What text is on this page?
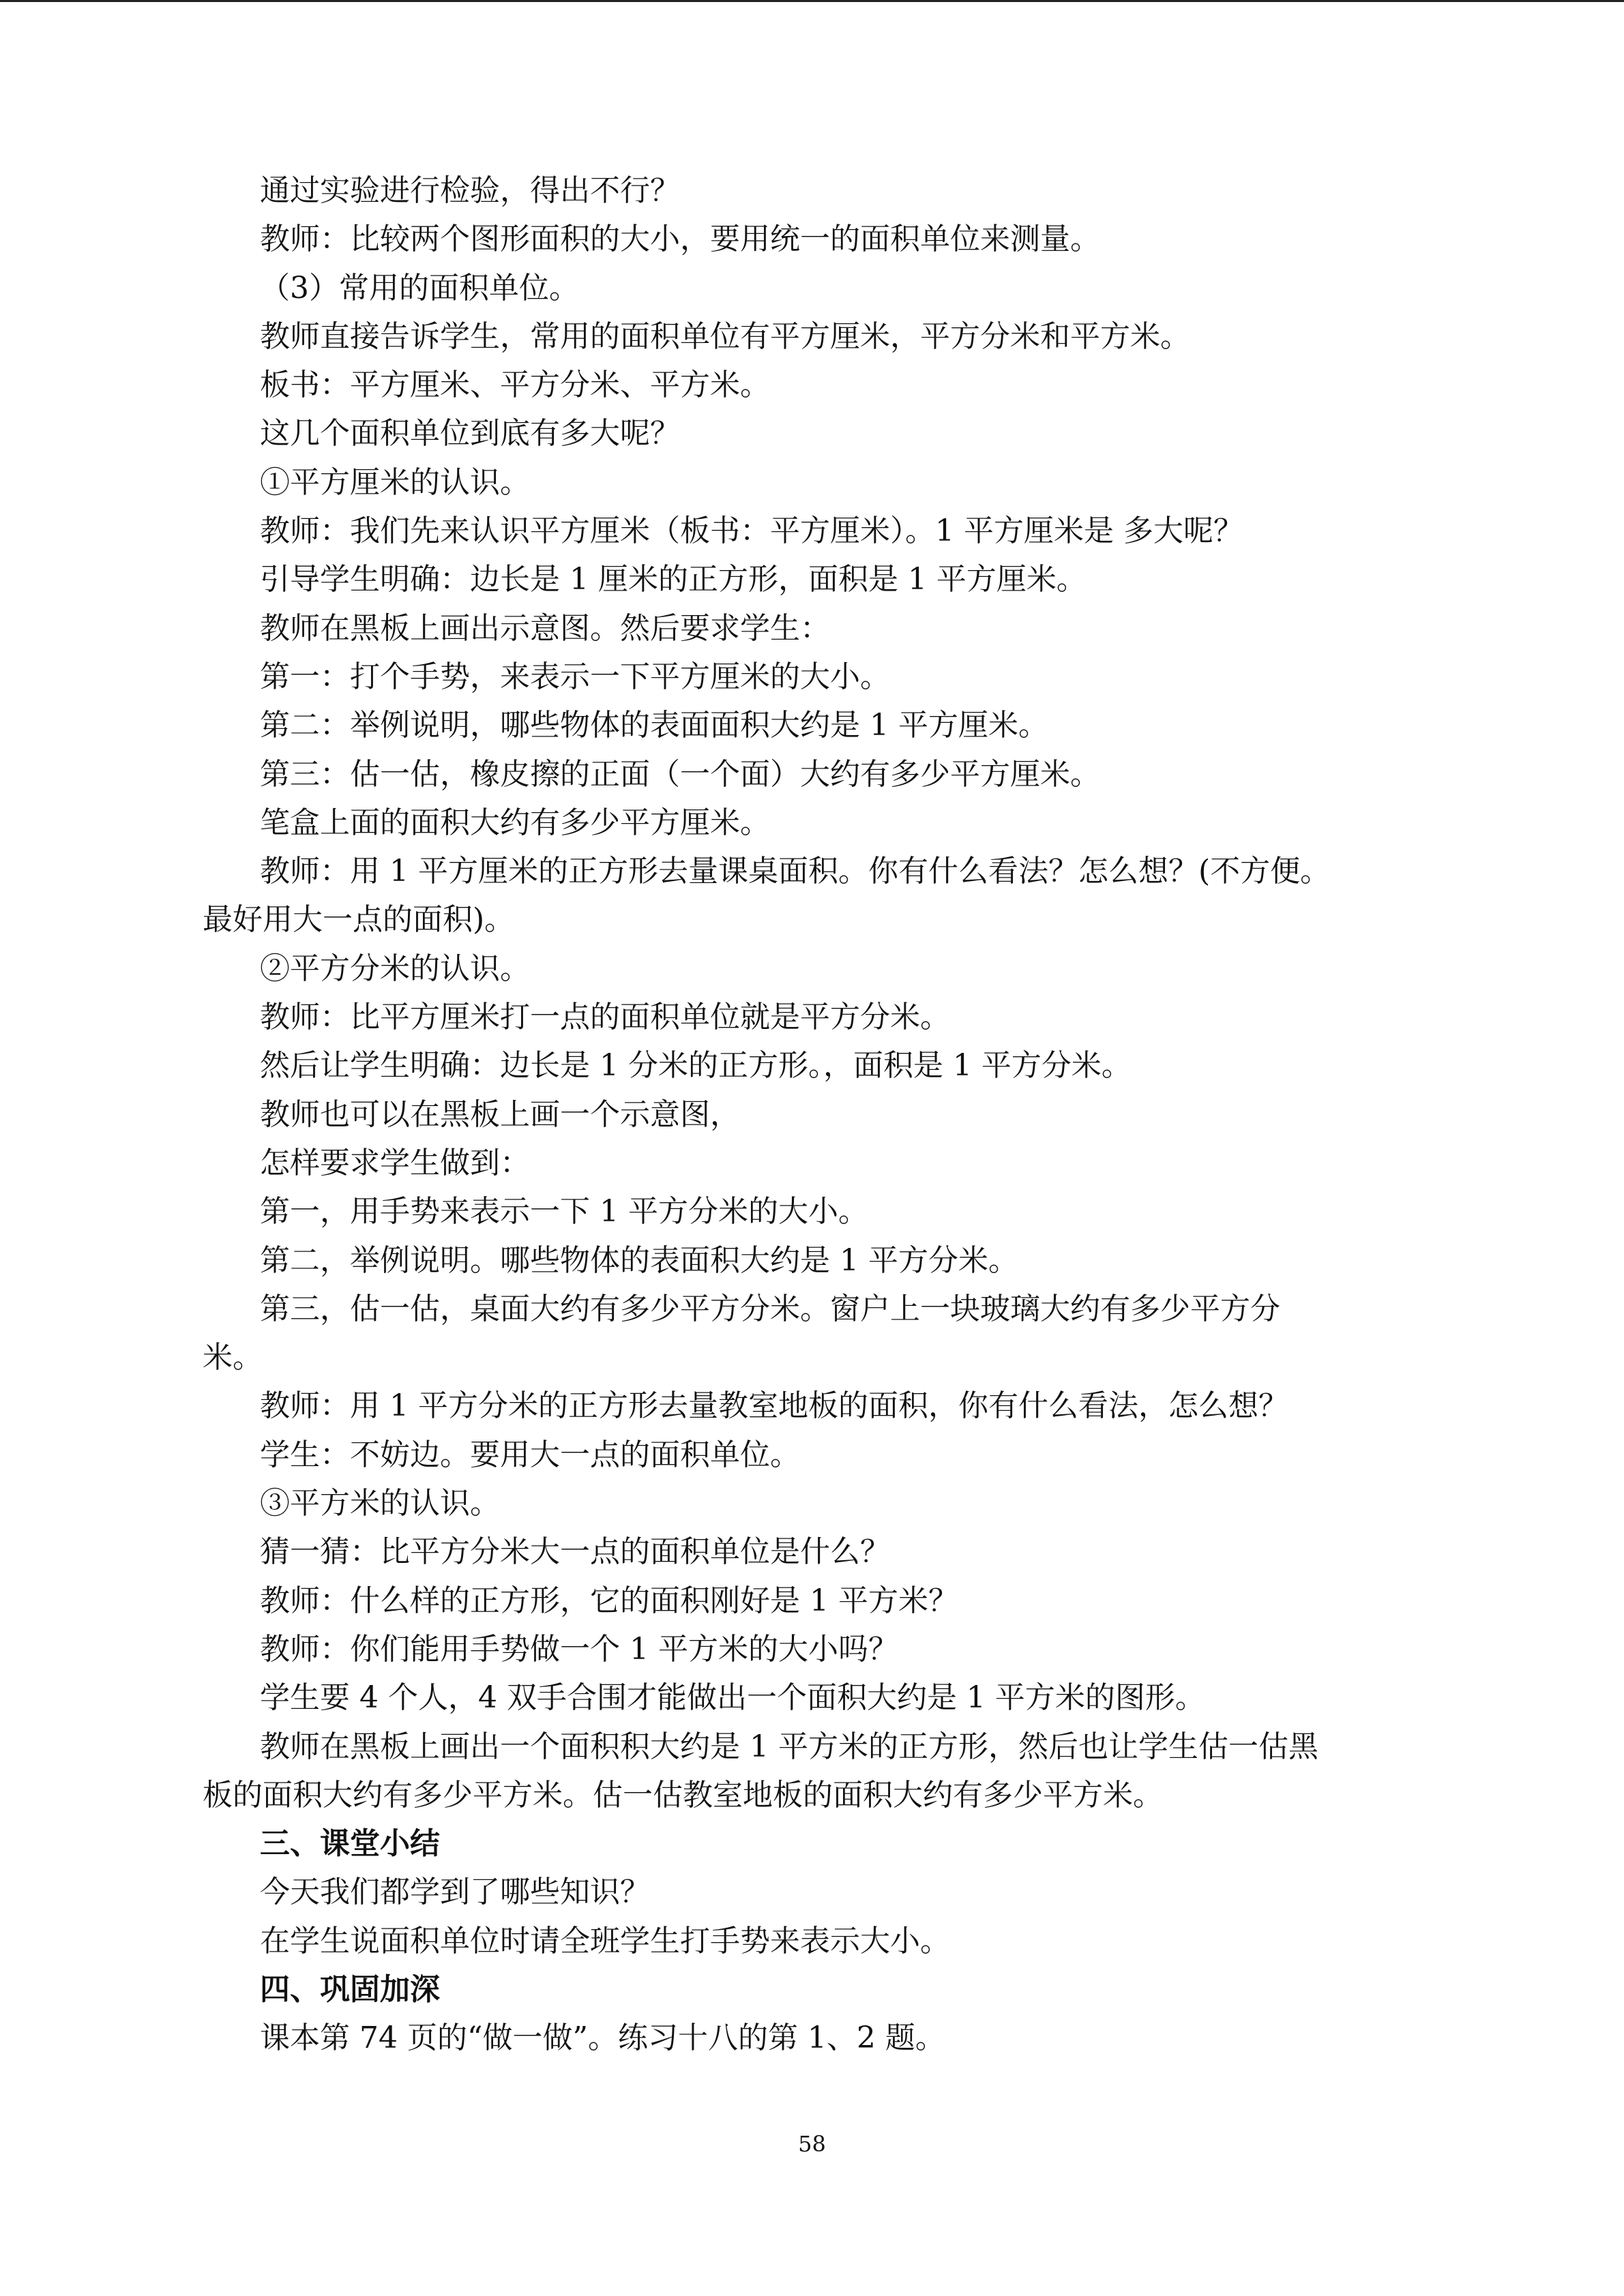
通过实验进行检验，得出不行？

教师：比较两个图形面积的大小，要用统一的面积单位来测量。

（3）常用的面积单位。

教师直接告诉学生，常用的面积单位有平方厘米，平方分米和平方米。

板书：平方厘米、平方分米、平方米。

这几个面积单位到底有多大呢？

①平方厘米的认识。

教师：我们先来认识平方厘米（板书：平方厘米）。1 平方厘米是 多大呢？

引导学生明确：边长是 1 厘米的正方形，面积是 1 平方厘米。

教师在黑板上画出示意图。然后要求学生：

第一：打个手势，来表示一下平方厘米的大小。

第二：举例说明，哪些物体的表面面积大约是 1 平方厘米。

第三：估一估，橡皮擦的正面（一个面）大约有多少平方厘米。

笔盒上面的面积大约有多少平方厘米。

教师：用 1 平方厘米的正方形去量课桌面积。你有什么看法？怎么想？(不方便。

最好用大一点的面积)。

②平方分米的认识。

教师：比平方厘米打一点的面积单位就是平方分米。

然后让学生明确：边长是 1 分米的正方形。，面积是 1 平方分米。

教师也可以在黑板上画一个示意图，

怎样要求学生做到：

第一，用手势来表示一下 1 平方分米的大小。

第二，举例说明。哪些物体的表面积大约是 1 平方分米。

第三，估一估，桌面大约有多少平方分米。窗户上一块玻璃大约有多少平方分

米。

教师：用 1 平方分米的正方形去量教室地板的面积，你有什么看法，怎么想？

学生：不妨边。要用大一点的面积单位。

③平方米的认识。

猜一猜：比平方分米大一点的面积单位是什么？

教师：什么样的正方形，它的面积刚好是 1 平方米？

教师：你们能用手势做一个 1 平方米的大小吗？

学生要 4 个人，4 双手合围才能做出一个面积大约是 1 平方米的图形。

教师在黑板上画出一个面积积大约是 1 平方米的正方形，然后也让学生估一估黑

板的面积大约有多少平方米。估一估教室地板的面积大约有多少平方米。

三、课堂小结

今天我们都学到了哪些知识？

在学生说面积单位时请全班学生打手势来表示大小。

四、巩固加深

课本第 74 页的“做一做”。练习十八的第 1、2 题。

58
